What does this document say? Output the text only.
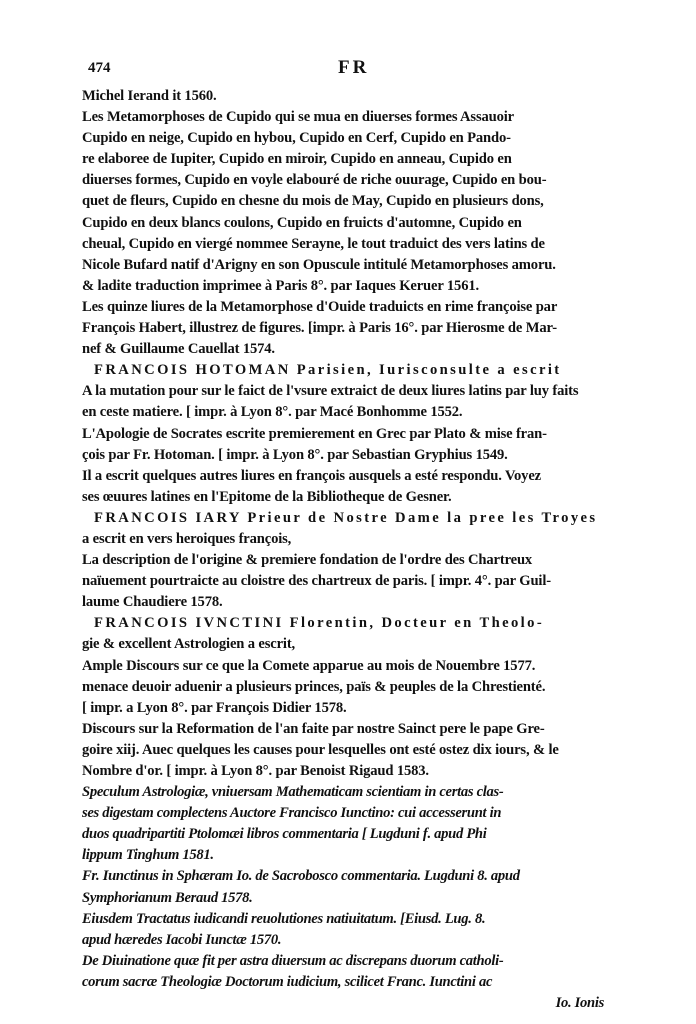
474	FR
Michel Ierand it 1560.
Les Metamorphoses de Cupido qui se mua en diuerses formes Assauoir
Cupido en neige, Cupido en hybou, Cupido en Cerf, Cupido en Pando-
re elaboree de Iupiter, Cupido en miroir, Cupido en anneau, Cupido en
diuerses formes, Cupido en voyle elabouré de riche ouurage, Cupido en bou-
quet de fleurs, Cupido en chesne du mois de May, Cupido en plusieurs dons,
Cupido en deux blancs coulons, Cupido en fruicts d'automne, Cupido en
cheual, Cupido en viergé nommee Serayne, le tout traduict des vers latins de
Nicole Bufard natif d'Arigny en son Opuscule intitulé Metamorphoses amoru.
& ladite traduction imprimee à Paris 8°. par Iaques Keruer 1561.
Les quinze liures de la Metamorphose d'Ouide traduicts en rime françoise par
François Habert, illustrez de figures. [impr. à Paris 16°. par Hierosme de Mar-
nef & Guillaume Cauellat 1574.
FRANCOIS HOTOMAN Parisien, Iurisconsulte a escrit
A la mutation pour sur le faict de l'vsure extraict de deux liures latins par luy faits
en ceste matiere. [ impr. à Lyon 8°. par Macé Bonhomme 1552.
L'Apologie de Socrates escrite premierement en Grec par Plato & mise fran-
çois par Fr. Hotoman. [ impr. à Lyon 8°. par Sebastian Gryphius 1549.
Il a escrit quelques autres liures en françois ausquels a esté respondu. Voyez
ses œuures latines en l'Epitome de la Bibliotheque de Gesner.
FRANCOIS IARY Prieur de Nostre Dame la pree les Troyes
a escrit en vers heroiques françois,
La description de l'origine & premiere fondation de l'ordre des Chartreux
naïuement pourtraicte au cloistre des chartreux de paris. [ impr. 4°. par Guil-
laume Chaudiere 1578.
FRANCOIS IVNCTINI Florentin, Docteur en Theolo-
gie & excellent Astrologien a escrit,
Ample Discours sur ce que la Comete apparue au mois de Nouembre 1577.
menace deuoir aduenir a plusieurs princes, païs & peuples de la Chrestienté.
[ impr. a Lyon 8°. par François Didier 1578.
Discours sur la Reformation de l'an faite par nostre Sainct pere le pape Gre-
goire xiij. Auec quelques les causes pour lesquelles ont esté ostez dix iours, & le
Nombre d'or. [ impr. à Lyon 8°. par Benoist Rigaud 1583.
Speculum Astrologiæ, vniuersam Mathematicam scientiam in certas clas-
ses digestam complectens Auctore Francisco Iunctino: cui accesserunt in
duos quadripartiti Ptolomæi libros commentaria [ Lugduni f. apud Phi
lippum Tinghum 1581.
Fr. Iunctinus in Sphæram Io. de Sacrobosco commentaria. Lugduni 8. apud
Symphorianum Beraud 1578.
Eiusdem Tractatus iudicandi reuolutiones natiuitatum. [Eiusd. Lug. 8.
apud hæredes Iacobi Iunctæ 1570.
De Diuinatione quæ fit per astra diuersum ac discrepans duorum catholi-
corum sacræ Theologiæ Doctorum iudicium, scilicet Franc. Iunctini ac
Io. Ionis
